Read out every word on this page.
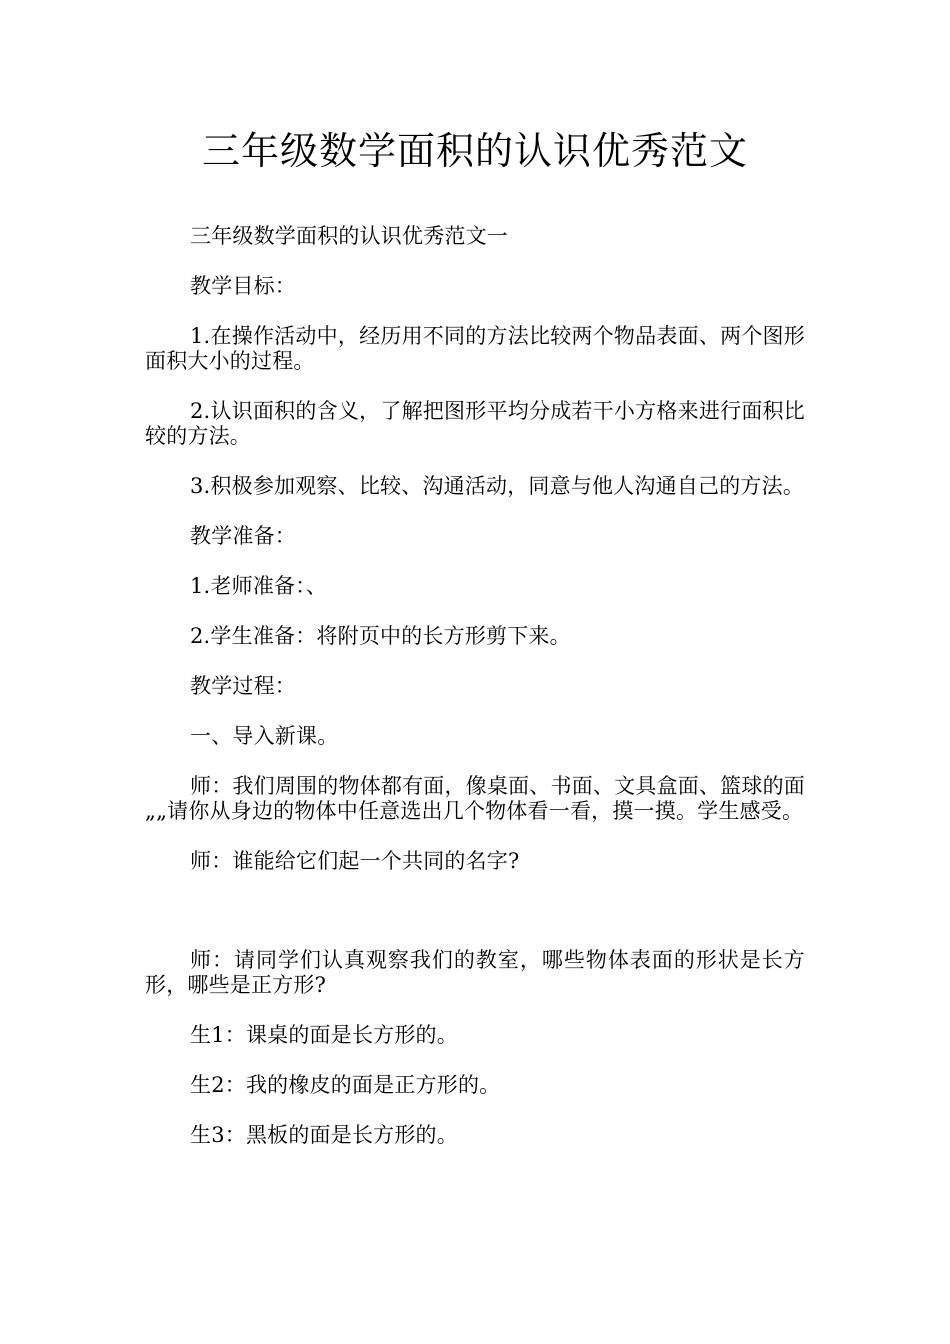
三年级数学面积的认识优秀范文

三年级数学面积的认识优秀范文一

教学目标：

1.在操作活动中，经历用不同的方法比较两个物品表面、两个图形面积大小的过程。

2.认识面积的含义，了解把图形平均分成若干小方格来进行面积比较的方法。

3.积极参加观察、比较、沟通活动，同意与他人沟通自己的方法。

教学准备：

1.老师准备：、

2.学生准备：将附页中的长方形剪下来。

教学过程：

一、导入新课。

师：我们周围的物体都有面，像桌面、书面、文具盒面、篮球的面„„请你从身边的物体中任意选出几个物体看一看，摸一摸。学生感受。

师：谁能给它们起一个共同的名字?

师：请同学们认真观察我们的教室，哪些物体表面的形状是长方形，哪些是正方形?

生1：课桌的面是长方形的。

生2：我的橡皮的面是正方形的。

生3：黑板的面是长方形的。
